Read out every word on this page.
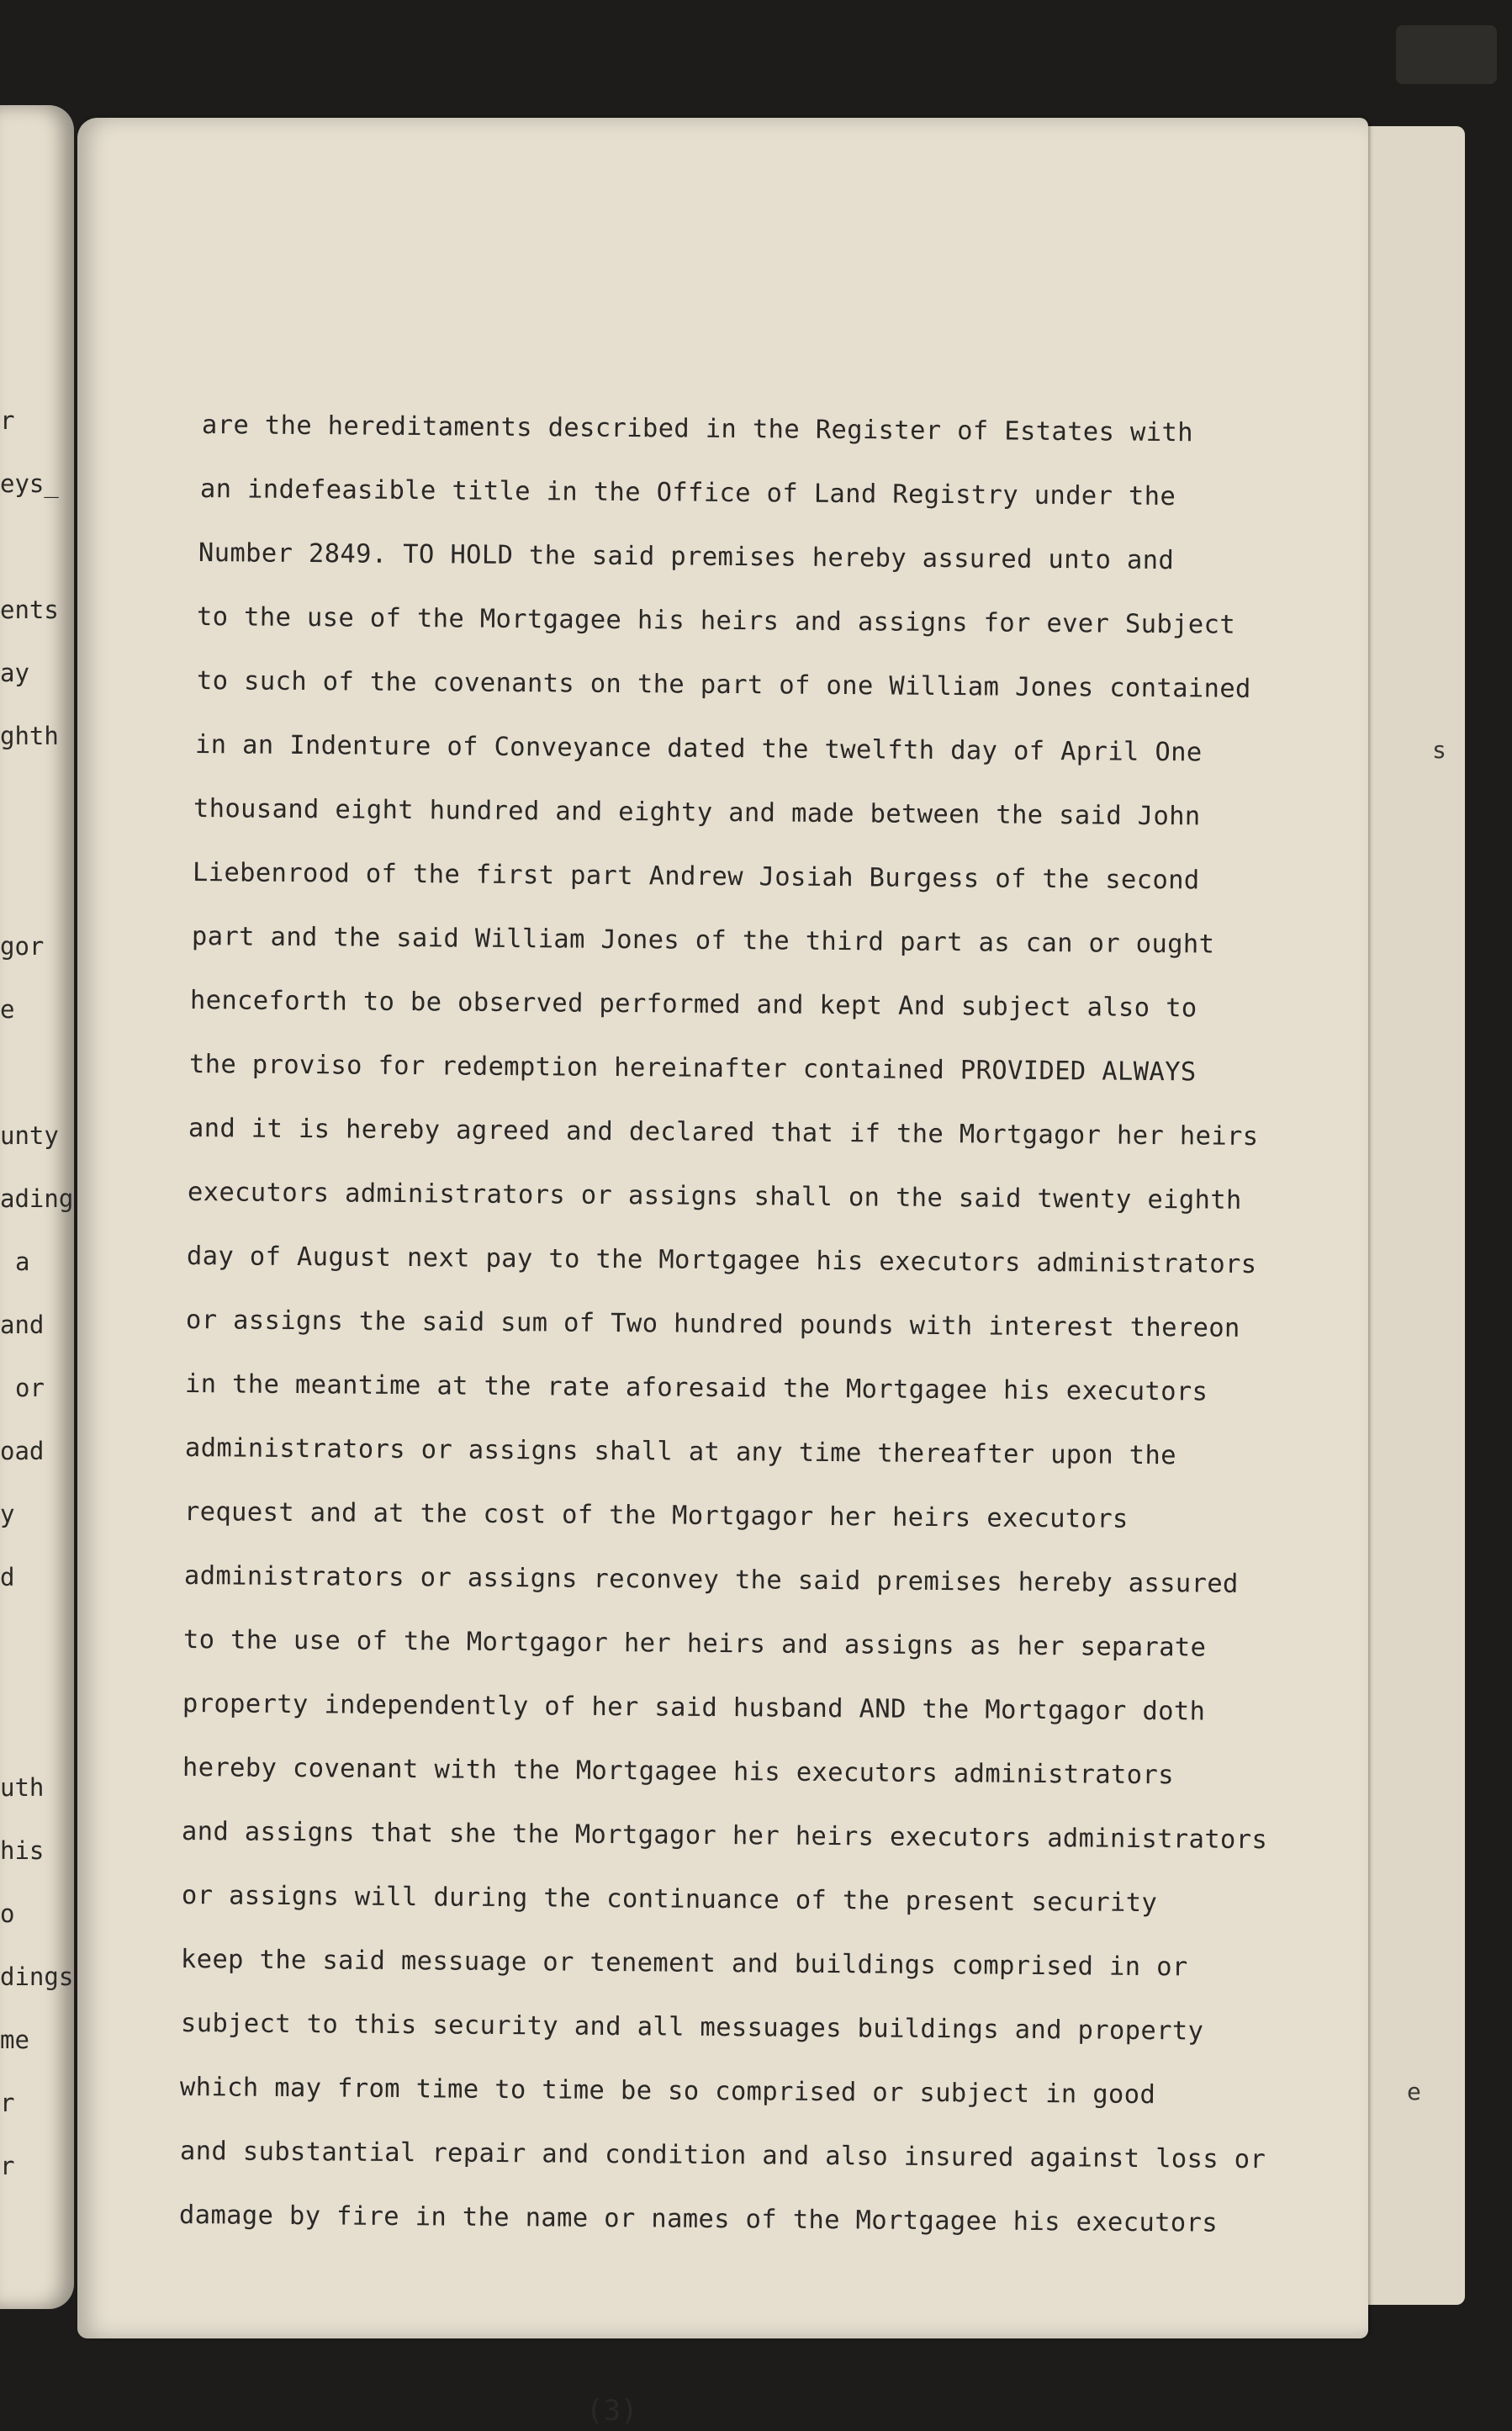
r
eys_
ents
ay
ghth
gor
e
unty
ading
a
and
or
oad
y
d
uth
his
o
dings
me
r
r
s
e
are the hereditaments described in the Register of Estates with
an indefeasible title in the Office of Land Registry under the
Number 2849. TO HOLD the said premises hereby assured unto and
to the use of the Mortgagee his heirs and assigns for ever Subject
to such of the covenants on the part of one William Jones contained
in an Indenture of Conveyance dated the twelfth day of April One
thousand eight hundred and eighty and made between the said John
Liebenrood of the first part Andrew Josiah Burgess of the second
part and the said William Jones of the third part as can or ought
henceforth to be observed performed and kept And subject also to
the proviso for redemption hereinafter contained PROVIDED ALWAYS
and it is hereby agreed and declared that if the Mortgagor her heirs
executors administrators or assigns shall on the said twenty eighth
day of August next pay to the Mortgagee his executors administrators
or assigns the said sum of Two hundred pounds with interest thereon
in the meantime at the rate aforesaid the Mortgagee his executors
administrators or assigns shall at any time thereafter upon the
request and at the cost of the Mortgagor her heirs executors
administrators or assigns reconvey the said premises hereby assured
to the use of the Mortgagor her heirs and assigns as her separate
property independently of her said husband AND the Mortgagor doth
hereby covenant with the Mortgagee his executors administrators
and assigns that she the Mortgagor her heirs executors administrators
or assigns will during the continuance of the present security
keep the said messuage or tenement and buildings comprised in or
subject to this security and all messuages buildings and property
which may from time to time be so comprised or subject in good
and substantial repair and condition and also insured against loss or
damage by fire in the name or names of the Mortgagee his executors
(3)
